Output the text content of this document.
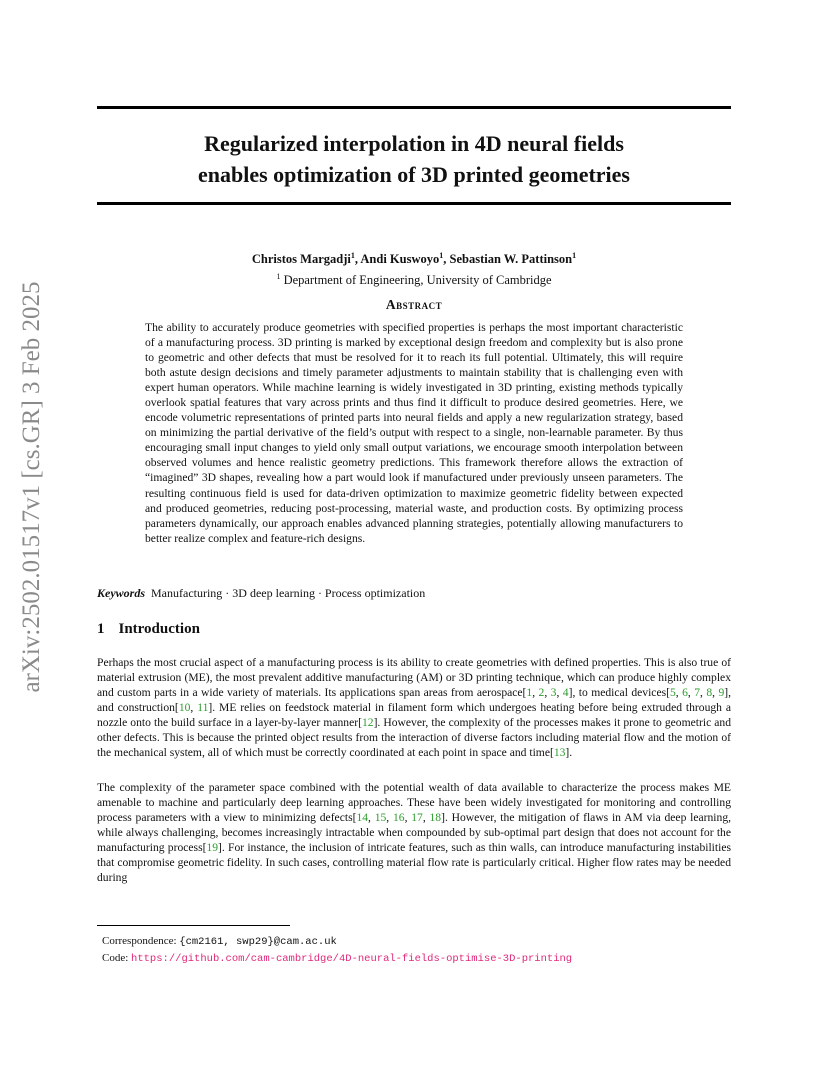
arXiv:2502.01517v1 [cs.GR] 3 Feb 2025
Regularized interpolation in 4D neural fields
enables optimization of 3D printed geometries
Christos Margadji$^1$, Andi Kuswoyo$^1$, Sebastian W. Pattinson$^1$
$^1$ Department of Engineering, University of Cambridge
Abstract
The ability to accurately produce geometries with specified properties is perhaps the most important characteristic of a manufacturing process. 3D printing is marked by exceptional design freedom and complexity but is also prone to geometric and other defects that must be resolved for it to reach its full potential. Ultimately, this will require both astute design decisions and timely parameter adjustments to maintain stability that is challenging even with expert human operators. While machine learning is widely investigated in 3D printing, existing methods typically overlook spatial features that vary across prints and thus find it difficult to produce desired geometries. Here, we encode volumetric representations of printed parts into neural fields and apply a new regularization strategy, based on minimizing the partial derivative of the field’s output with respect to a single, non-learnable parameter. By thus encouraging small input changes to yield only small output variations, we encourage smooth interpolation between observed volumes and hence realistic geometry predictions. This framework therefore allows the extraction of “imagined” 3D shapes, revealing how a part would look if manufactured under previously unseen parameters. The resulting continuous field is used for data-driven optimization to maximize geometric fidelity between expected and produced geometries, reducing post-processing, material waste, and production costs. By optimizing process parameters dynamically, our approach enables advanced planning strategies, potentially allowing manufacturers to better realize complex and feature-rich designs.
Keywords Manufacturing · 3D deep learning · Process optimization
1 Introduction
Perhaps the most crucial aspect of a manufacturing process is its ability to create geometries with defined properties. This is also true of material extrusion (ME), the most prevalent additive manufacturing (AM) or 3D printing technique, which can produce highly complex and custom parts in a wide variety of materials. Its applications span areas from aerospace[1, 2, 3, 4], to medical devices[5, 6, 7, 8, 9], and construction[10, 11]. ME relies on feedstock material in filament form which undergoes heating before being extruded through a nozzle onto the build surface in a layer-by-layer manner[12]. However, the complexity of the processes makes it prone to geometric and other defects. This is because the printed object results from the interaction of diverse factors including material flow and the motion of the mechanical system, all of which must be correctly coordinated at each point in space and time[13].
The complexity of the parameter space combined with the potential wealth of data available to characterize the process makes ME amenable to machine and particularly deep learning approaches. These have been widely investigated for monitoring and controlling process parameters with a view to minimizing defects[14, 15, 16, 17, 18]. However, the mitigation of flaws in AM via deep learning, while always challenging, becomes increasingly intractable when compounded by sub-optimal part design that does not account for the manufacturing process[19]. For instance, the inclusion of intricate features, such as thin walls, can introduce manufacturing instabilities that compromise geometric fidelity. In such cases, controlling material flow rate is particularly critical. Higher flow rates may be needed during
Correspondence: {cm2161, swp29}@cam.ac.uk
Code: https://github.com/cam-cambridge/4D-neural-fields-optimise-3D-printing
